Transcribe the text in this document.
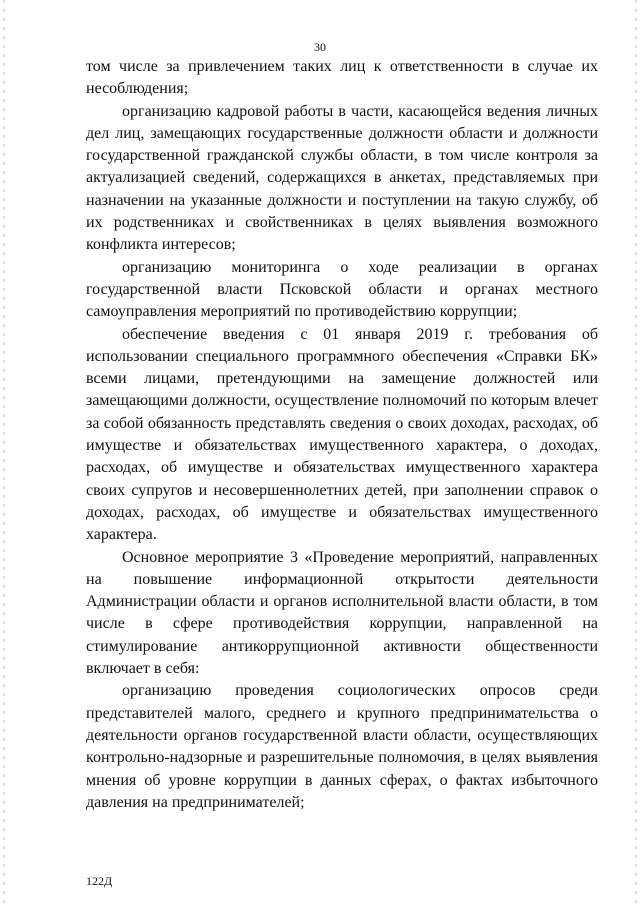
30

том числе за привлечением таких лиц к ответственности в случае их несоблюдения;

организацию кадровой работы в части, касающейся ведения личных дел лиц, замещающих государственные должности области и должности государственной гражданской службы области, в том числе контроля за актуализацией сведений, содержащихся в анкетах, представляемых при назначении на указанные должности и поступлении на такую службу, об их родственниках и свойственниках в целях выявления возможного конфликта интересов;

организацию мониторинга о ходе реализации в органах государственной власти Псковской области и органах местного самоуправления мероприятий по противодействию коррупции;

обеспечение введения с 01 января 2019 г. требования об использовании специального программного обеспечения «Справки БК» всеми лицами, претендующими на замещение должностей или замещающими должности, осуществление полномочий по которым влечет за собой обязанность представлять сведения о своих доходах, расходах, об имуществе и обязательствах имущественного характера, о доходах, расходах, об имуществе и обязательствах имущественного характера своих супругов и несовершеннолетних детей, при заполнении справок о доходах, расходах, об имуществе и обязательствах имущественного характера.

Основное мероприятие 3 «Проведение мероприятий, направленных на повышение информационной открытости деятельности Администрации области и органов исполнительной власти области, в том числе в сфере противодействия коррупции, направленной на стимулирование антикоррупционной активности общественности включает в себя:

организацию проведения социологических опросов среди представителей малого, среднего и крупного предпринимательства о деятельности органов государственной власти области, осуществляющих контрольно-надзорные и разрешительные полномочия, в целях выявления мнения об уровне коррупции в данных сферах, о фактах избыточного давления на предпринимателей;

122Д
